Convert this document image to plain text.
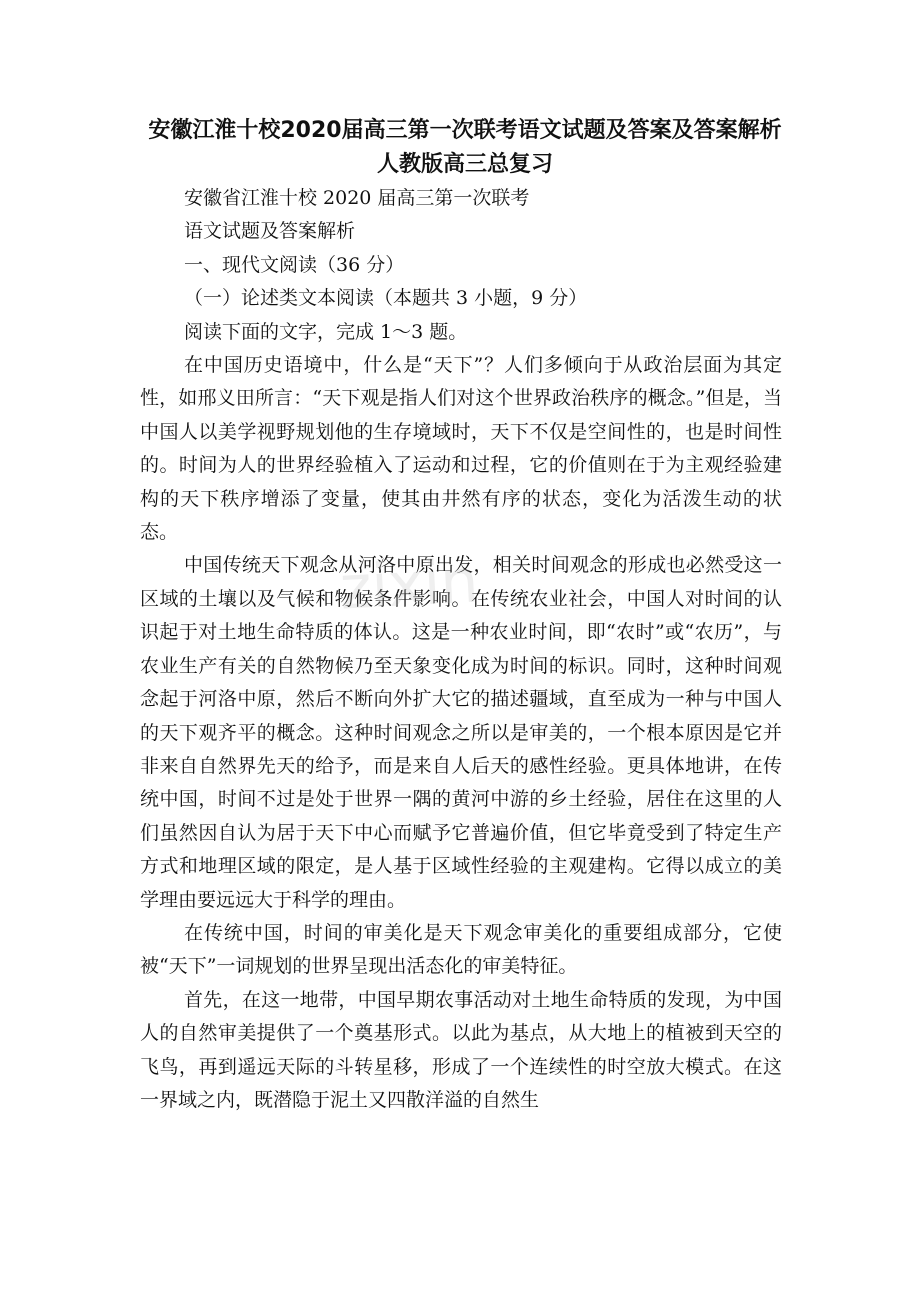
安徽江淮十校2020届高三第一次联考语文试题及答案及答案解析　人教版高三总复习

安徽省江淮十校 2020 届高三第一次联考

语文试题及答案解析

一、现代文阅读（36 分）

（一）论述类文本阅读（本题共 3 小题，9 分）

阅读下面的文字，完成 1～3 题。

在中国历史语境中，什么是“天下”？人们多倾向于从政治层面为其定性，如邢义田所言：“天下观是指人们对这个世界政治秩序的概念。”但是，当中国人以美学视野规划他的生存境域时，天下不仅是空间性的，也是时间性的。时间为人的世界经验植入了运动和过程，它的价值则在于为主观经验建构的天下秩序增添了变量，使其由井然有序的状态，变化为活泼生动的状态。

中国传统天下观念从河洛中原出发，相关时间观念的形成也必然受这一区域的土壤以及气候和物候条件影响。在传统农业社会，中国人对时间的认识起于对土地生命特质的体认。这是一种农业时间，即“农时”或“农历”，与农业生产有关的自然物候乃至天象变化成为时间的标识。同时，这种时间观念起于河洛中原，然后不断向外扩大它的描述疆域，直至成为一种与中国人的天下观齐平的概念。这种时间观念之所以是审美的，一个根本原因是它并非来自自然界先天的给予，而是来自人后天的感性经验。更具体地讲，在传统中国，时间不过是处于世界一隅的黄河中游的乡土经验，居住在这里的人们虽然因自认为居于天下中心而赋予它普遍价值，但它毕竟受到了特定生产方式和地理区域的限定，是人基于区域性经验的主观建构。它得以成立的美学理由要远远大于科学的理由。

在传统中国，时间的审美化是天下观念审美化的重要组成部分，它使被“天下”一词规划的世界呈现出活态化的审美特征。

首先，在这一地带，中国早期农事活动对土地生命特质的发现，为中国人的自然审美提供了一个奠基形式。以此为基点，从大地上的植被到天空的飞鸟，再到遥远天际的斗转星移，形成了一个连续性的时空放大模式。在这一界域之内，既潜隐于泥土又四散洋溢的自然生

zixin
